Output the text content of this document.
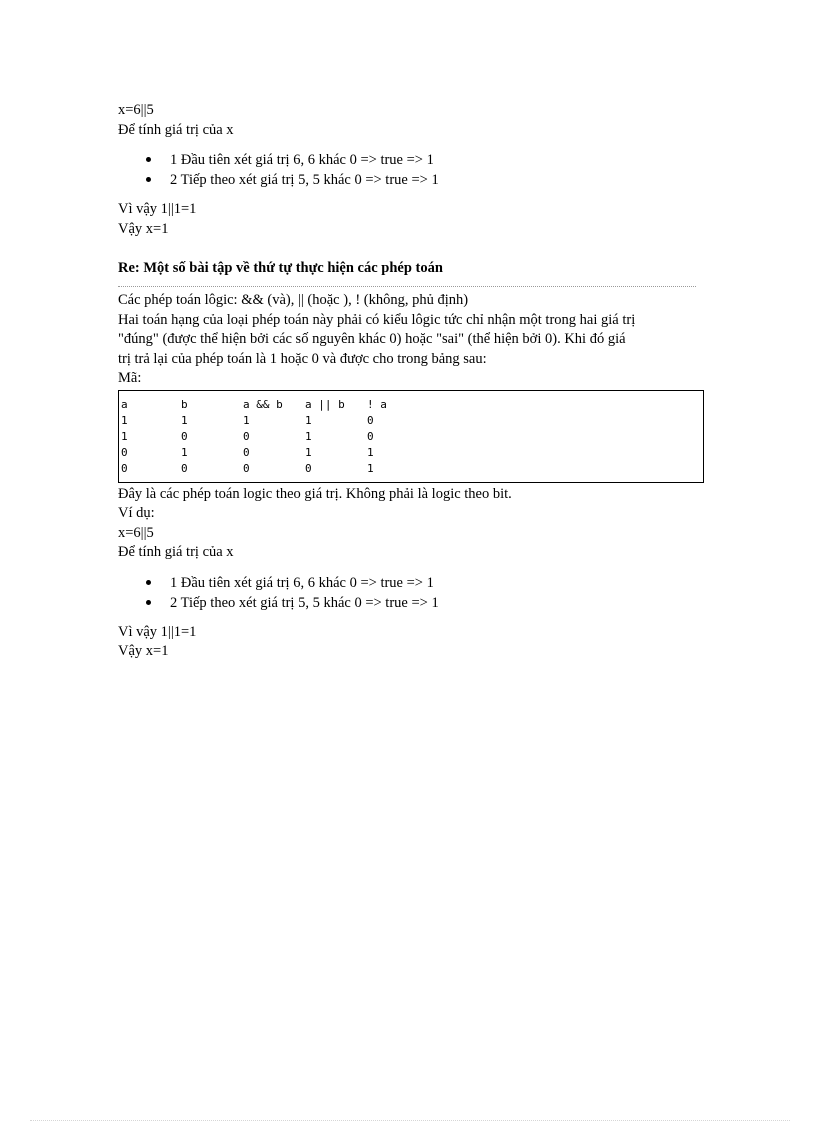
x=6||5
Để tính giá trị của x
1 Đầu tiên xét giá trị 6, 6 khác 0 => true => 1
2 Tiếp theo xét giá trị 5, 5 khác 0 => true => 1
Vì vậy 1||1=1
Vậy x=1
Re: Một số bài tập về thứ tự thực hiện các phép toán
Các phép toán lôgic: && (và), || (hoặc ), ! (không, phủ định)
Hai toán hạng của loại phép toán này phải có kiểu lôgic tức chỉ nhận một trong hai giá trị
"đúng" (được thể hiện bởi các số nguyên khác 0) hoặc "sai" (thể hiện bởi 0). Khi đó giá
trị trả lại của phép toán là 1 hoặc 0 và được cho trong bảng sau:
Mã:
a	b	a && b	a || b	! a
1	1	1	1	0
1	0	0	1	0
0	1	0	1	1
0	0	0	0	1
Đây là các phép toán logic theo giá trị. Không phải là logic theo bit.
Ví dụ:
x=6||5
Để tính giá trị của x
1 Đầu tiên xét giá trị 6, 6 khác 0 => true => 1
2 Tiếp theo xét giá trị 5, 5 khác 0 => true => 1
Vì vậy 1||1=1
Vậy x=1
